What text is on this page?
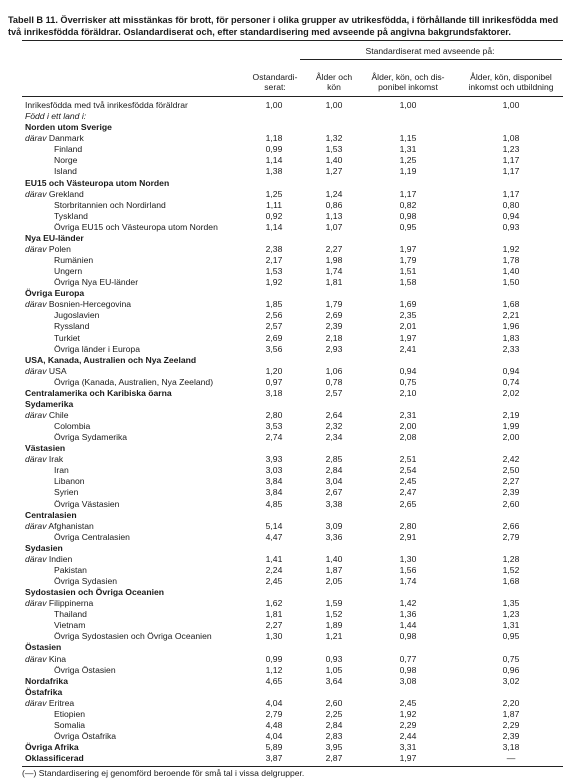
Tabell B 11. Överrisker att misstänkas för brott, för personer i olika grupper av utrikesfödda, i förhållande till inrikesfödda med två inrikesfödda föräldrar. Oslandardiserat och, efter standardisering med avseende på angivna bakgrundsfaktorer.
Standardiserat med avseende på:
Ostandardi-
serat:
Ålder och
kön
Ålder, kön, och dis-
ponibel inkomst
Ålder, kön, disponibel
inkomst och utbildning
Inrikesfödda med två inrikesfödda föräldrar	1,00	1,00	1,00	1,00
Född i ett land i:
Norden utom Sverige
därav Danmark	1,18	1,32	1,15	1,08
Finland	0,99	1,53	1,31	1,23
Norge	1,14	1,40	1,25	1,17
Island	1,38	1,27	1,19	1,17
EU15 och Västeuropa utom Norden
därav Grekland	1,25	1,24	1,17	1,17
Storbritannien och Nordirland	1,11	0,86	0,82	0,80
Tyskland	0,92	1,13	0,98	0,94
Övriga EU15 och Västeuropa utom Norden	1,14	1,07	0,95	0,93
Nya EU-länder
därav Polen	2,38	2,27	1,97	1,92
Rumänien	2,17	1,98	1,79	1,78
Ungern	1,53	1,74	1,51	1,40
Övriga Nya EU-länder	1,92	1,81	1,58	1,50
Övriga Europa
därav Bosnien-Hercegovina	1,85	1,79	1,69	1,68
Jugoslavien	2,56	2,69	2,35	2,21
Ryssland	2,57	2,39	2,01	1,96
Turkiet	2,69	2,18	1,97	1,83
Övriga länder i Europa	3,56	2,93	2,41	2,33
USA, Kanada, Australien och Nya Zeeland
därav USA	1,20	1,06	0,94	0,94
Övriga (Kanada, Australien, Nya Zeeland)	0,97	0,78	0,75	0,74
Centralamerika och Karibiska öarna	3,18	2,57	2,10	2,02
Sydamerika
därav Chile	2,80	2,64	2,31	2,19
Colombia	3,53	2,32	2,00	1,99
Övriga Sydamerika	2,74	2,34	2,08	2,00
Västasien
därav Irak	3,93	2,85	2,51	2,42
Iran	3,03	2,84	2,54	2,50
Libanon	3,84	3,04	2,45	2,27
Syrien	3,84	2,67	2,47	2,39
Övriga Västasien	4,85	3,38	2,65	2,60
Centralasien
därav Afghanistan	5,14	3,09	2,80	2,66
Övriga Centralasien	4,47	3,36	2,91	2,79
Sydasien
därav Indien	1,41	1,40	1,30	1,28
Pakistan	2,24	1,87	1,56	1,52
Övriga Sydasien	2,45	2,05	1,74	1,68
Sydostasien och Övriga Oceanien
därav Filippinerna	1,62	1,59	1,42	1,35
Thailand	1,81	1,52	1,36	1,23
Vietnam	2,27	1,89	1,44	1,31
Övriga Sydostasien och Övriga Oceanien	1,30	1,21	0,98	0,95
Östasien
därav Kina	0,99	0,93	0,77	0,75
Övriga Östasien	1,12	1,05	0,98	0,96
Nordafrika	4,65	3,64	3,08	3,02
Östafrika
därav Eritrea	4,04	2,60	2,45	2,20
Etiopien	2,79	2,25	1,92	1,87
Somalia	4,48	2,84	2,29	2,29
Övriga Östafrika	4,04	2,83	2,44	2,39
Övriga Afrika	5,89	3,95	3,31	3,18
Oklassificerad	3,87	2,87	1,97	—
(—) Standardisering ej genomförd beroende för små tal i vissa delgrupper.
